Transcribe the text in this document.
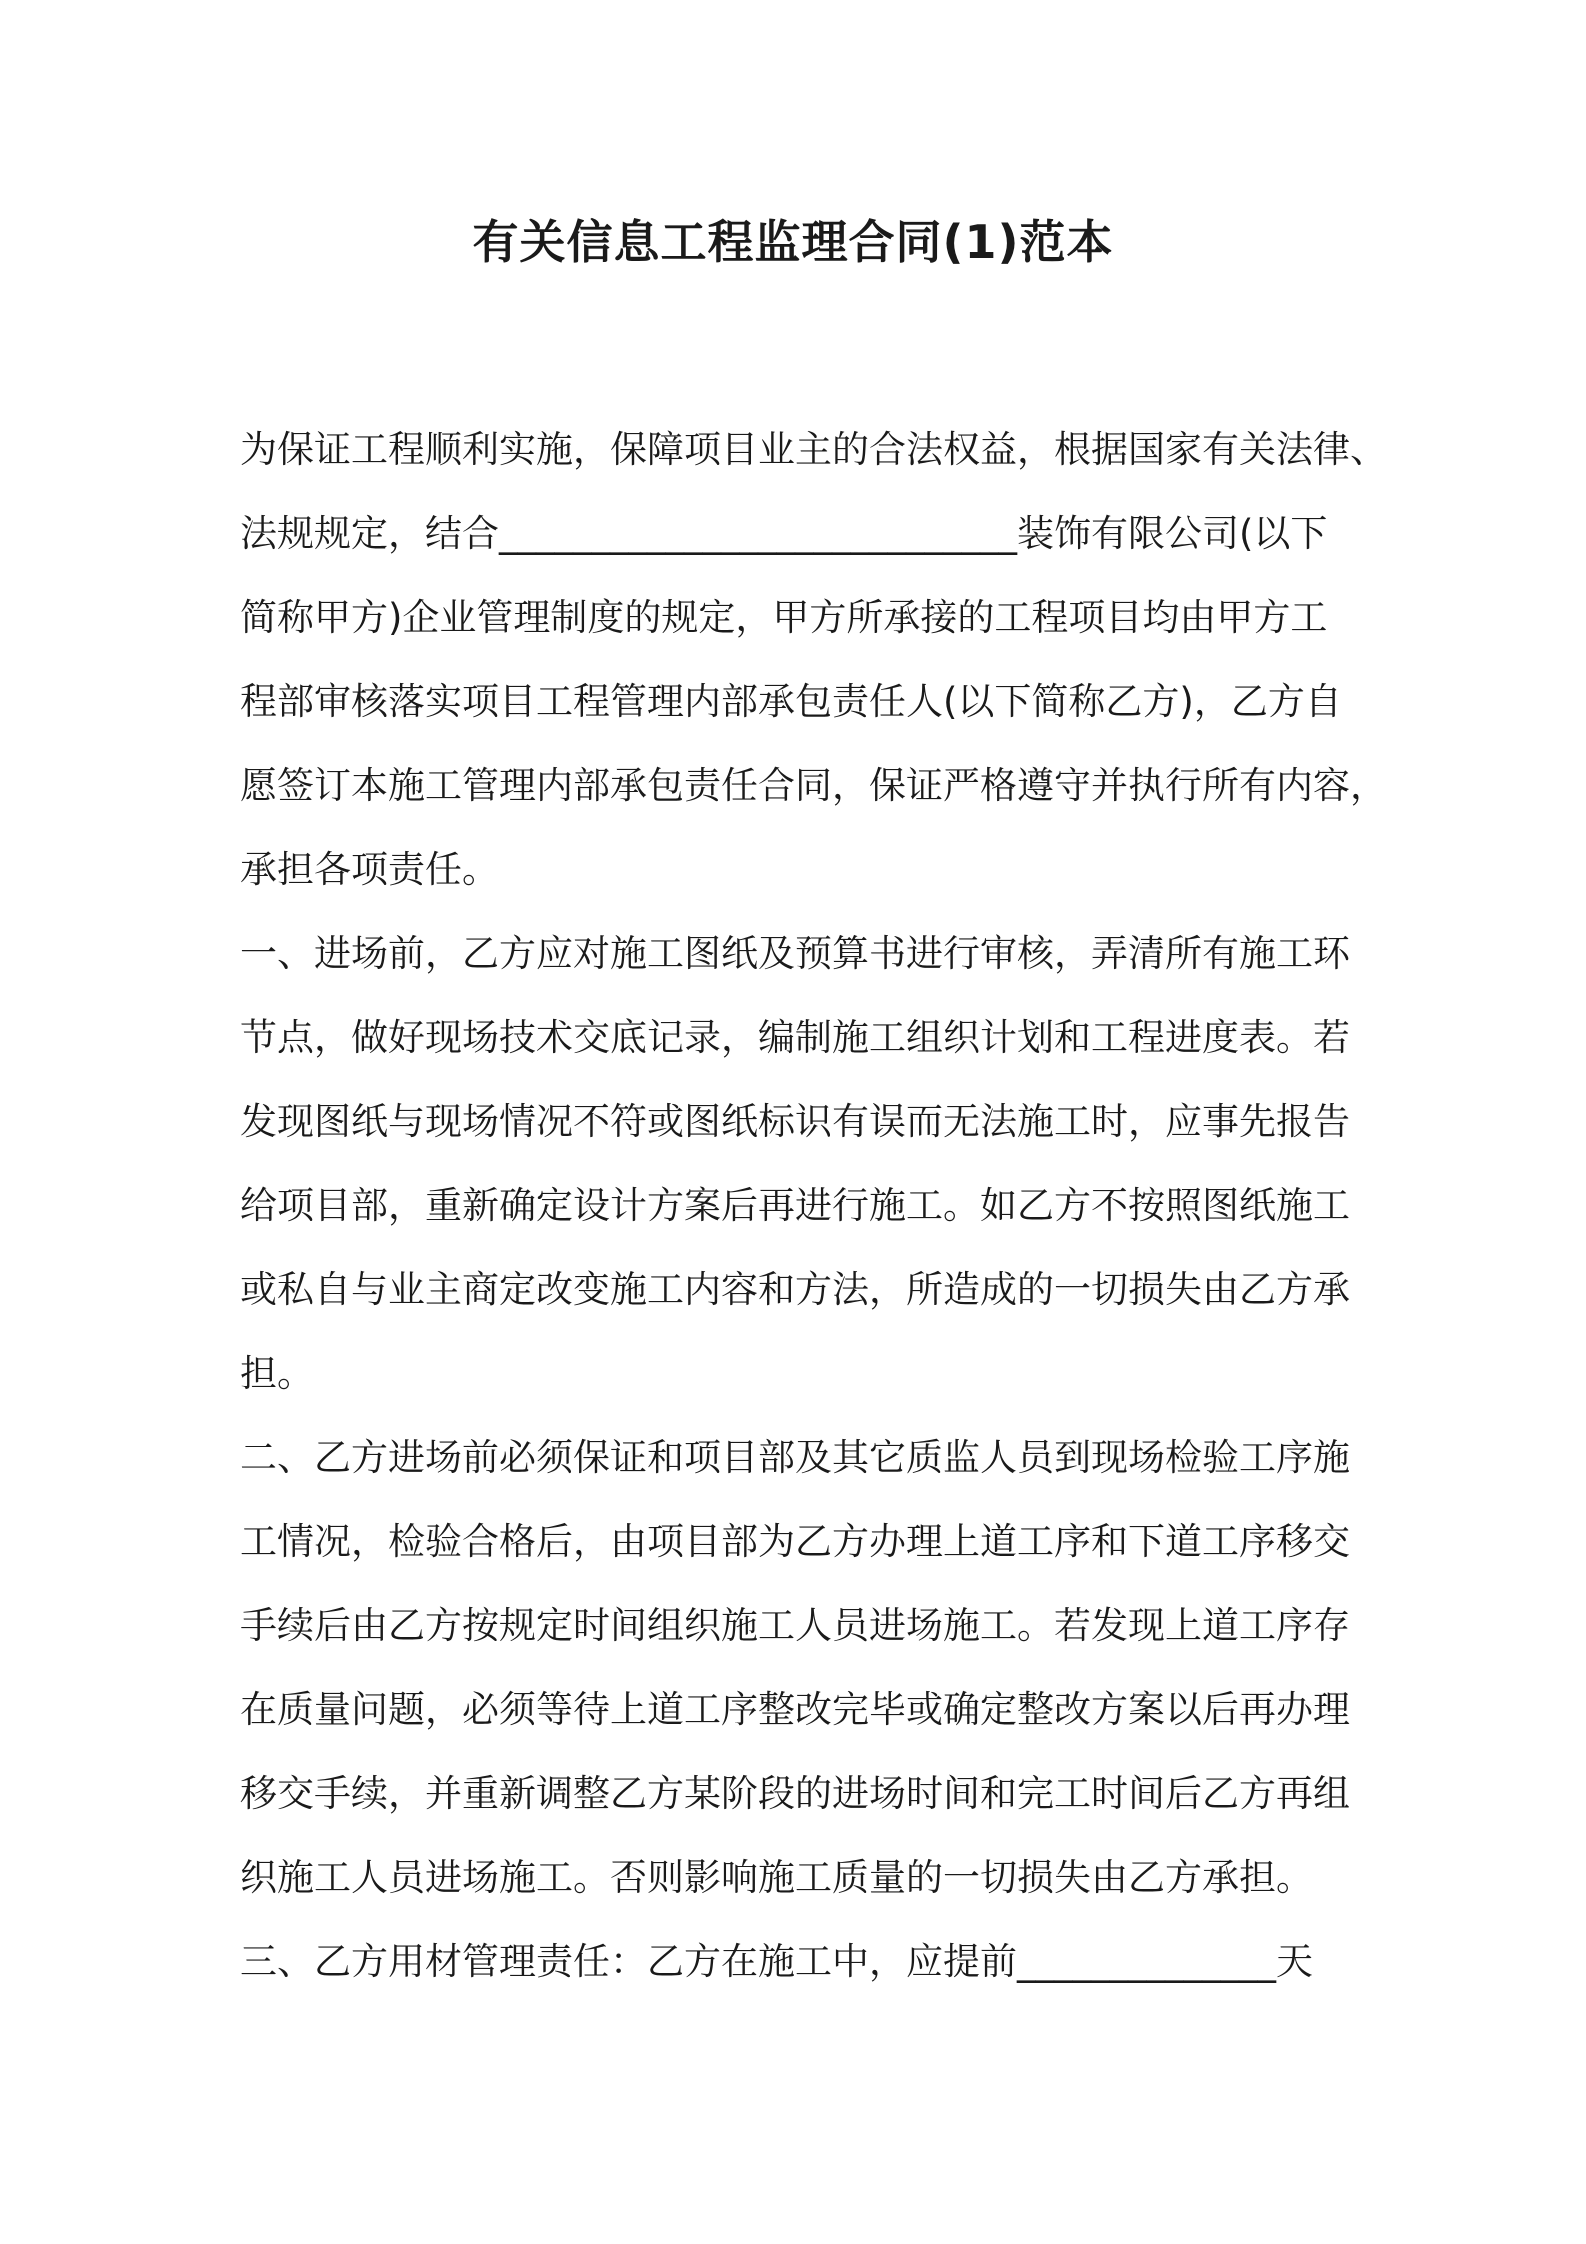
有关信息工程监理合同(1)范本
为保证工程顺利实施，保障项目业主的合法权益，根据国家有关法律、
法规规定，结合____________________________装饰有限公司(以下
简称甲方)企业管理制度的规定，甲方所承接的工程项目均由甲方工
程部审核落实项目工程管理内部承包责任人(以下简称乙方)，乙方自
愿签订本施工管理内部承包责任合同，保证严格遵守并执行所有内容，
承担各项责任。
一、进场前，乙方应对施工图纸及预算书进行审核，弄清所有施工环
节点，做好现场技术交底记录，编制施工组织计划和工程进度表。若
发现图纸与现场情况不符或图纸标识有误而无法施工时，应事先报告
给项目部，重新确定设计方案后再进行施工。如乙方不按照图纸施工
或私自与业主商定改变施工内容和方法，所造成的一切损失由乙方承
担。
二、乙方进场前必须保证和项目部及其它质监人员到现场检验工序施
工情况，检验合格后，由项目部为乙方办理上道工序和下道工序移交
手续后由乙方按规定时间组织施工人员进场施工。若发现上道工序存
在质量问题，必须等待上道工序整改完毕或确定整改方案以后再办理
移交手续，并重新调整乙方某阶段的进场时间和完工时间后乙方再组
织施工人员进场施工。否则影响施工质量的一切损失由乙方承担。
三、乙方用材管理责任：乙方在施工中，应提前______________天
